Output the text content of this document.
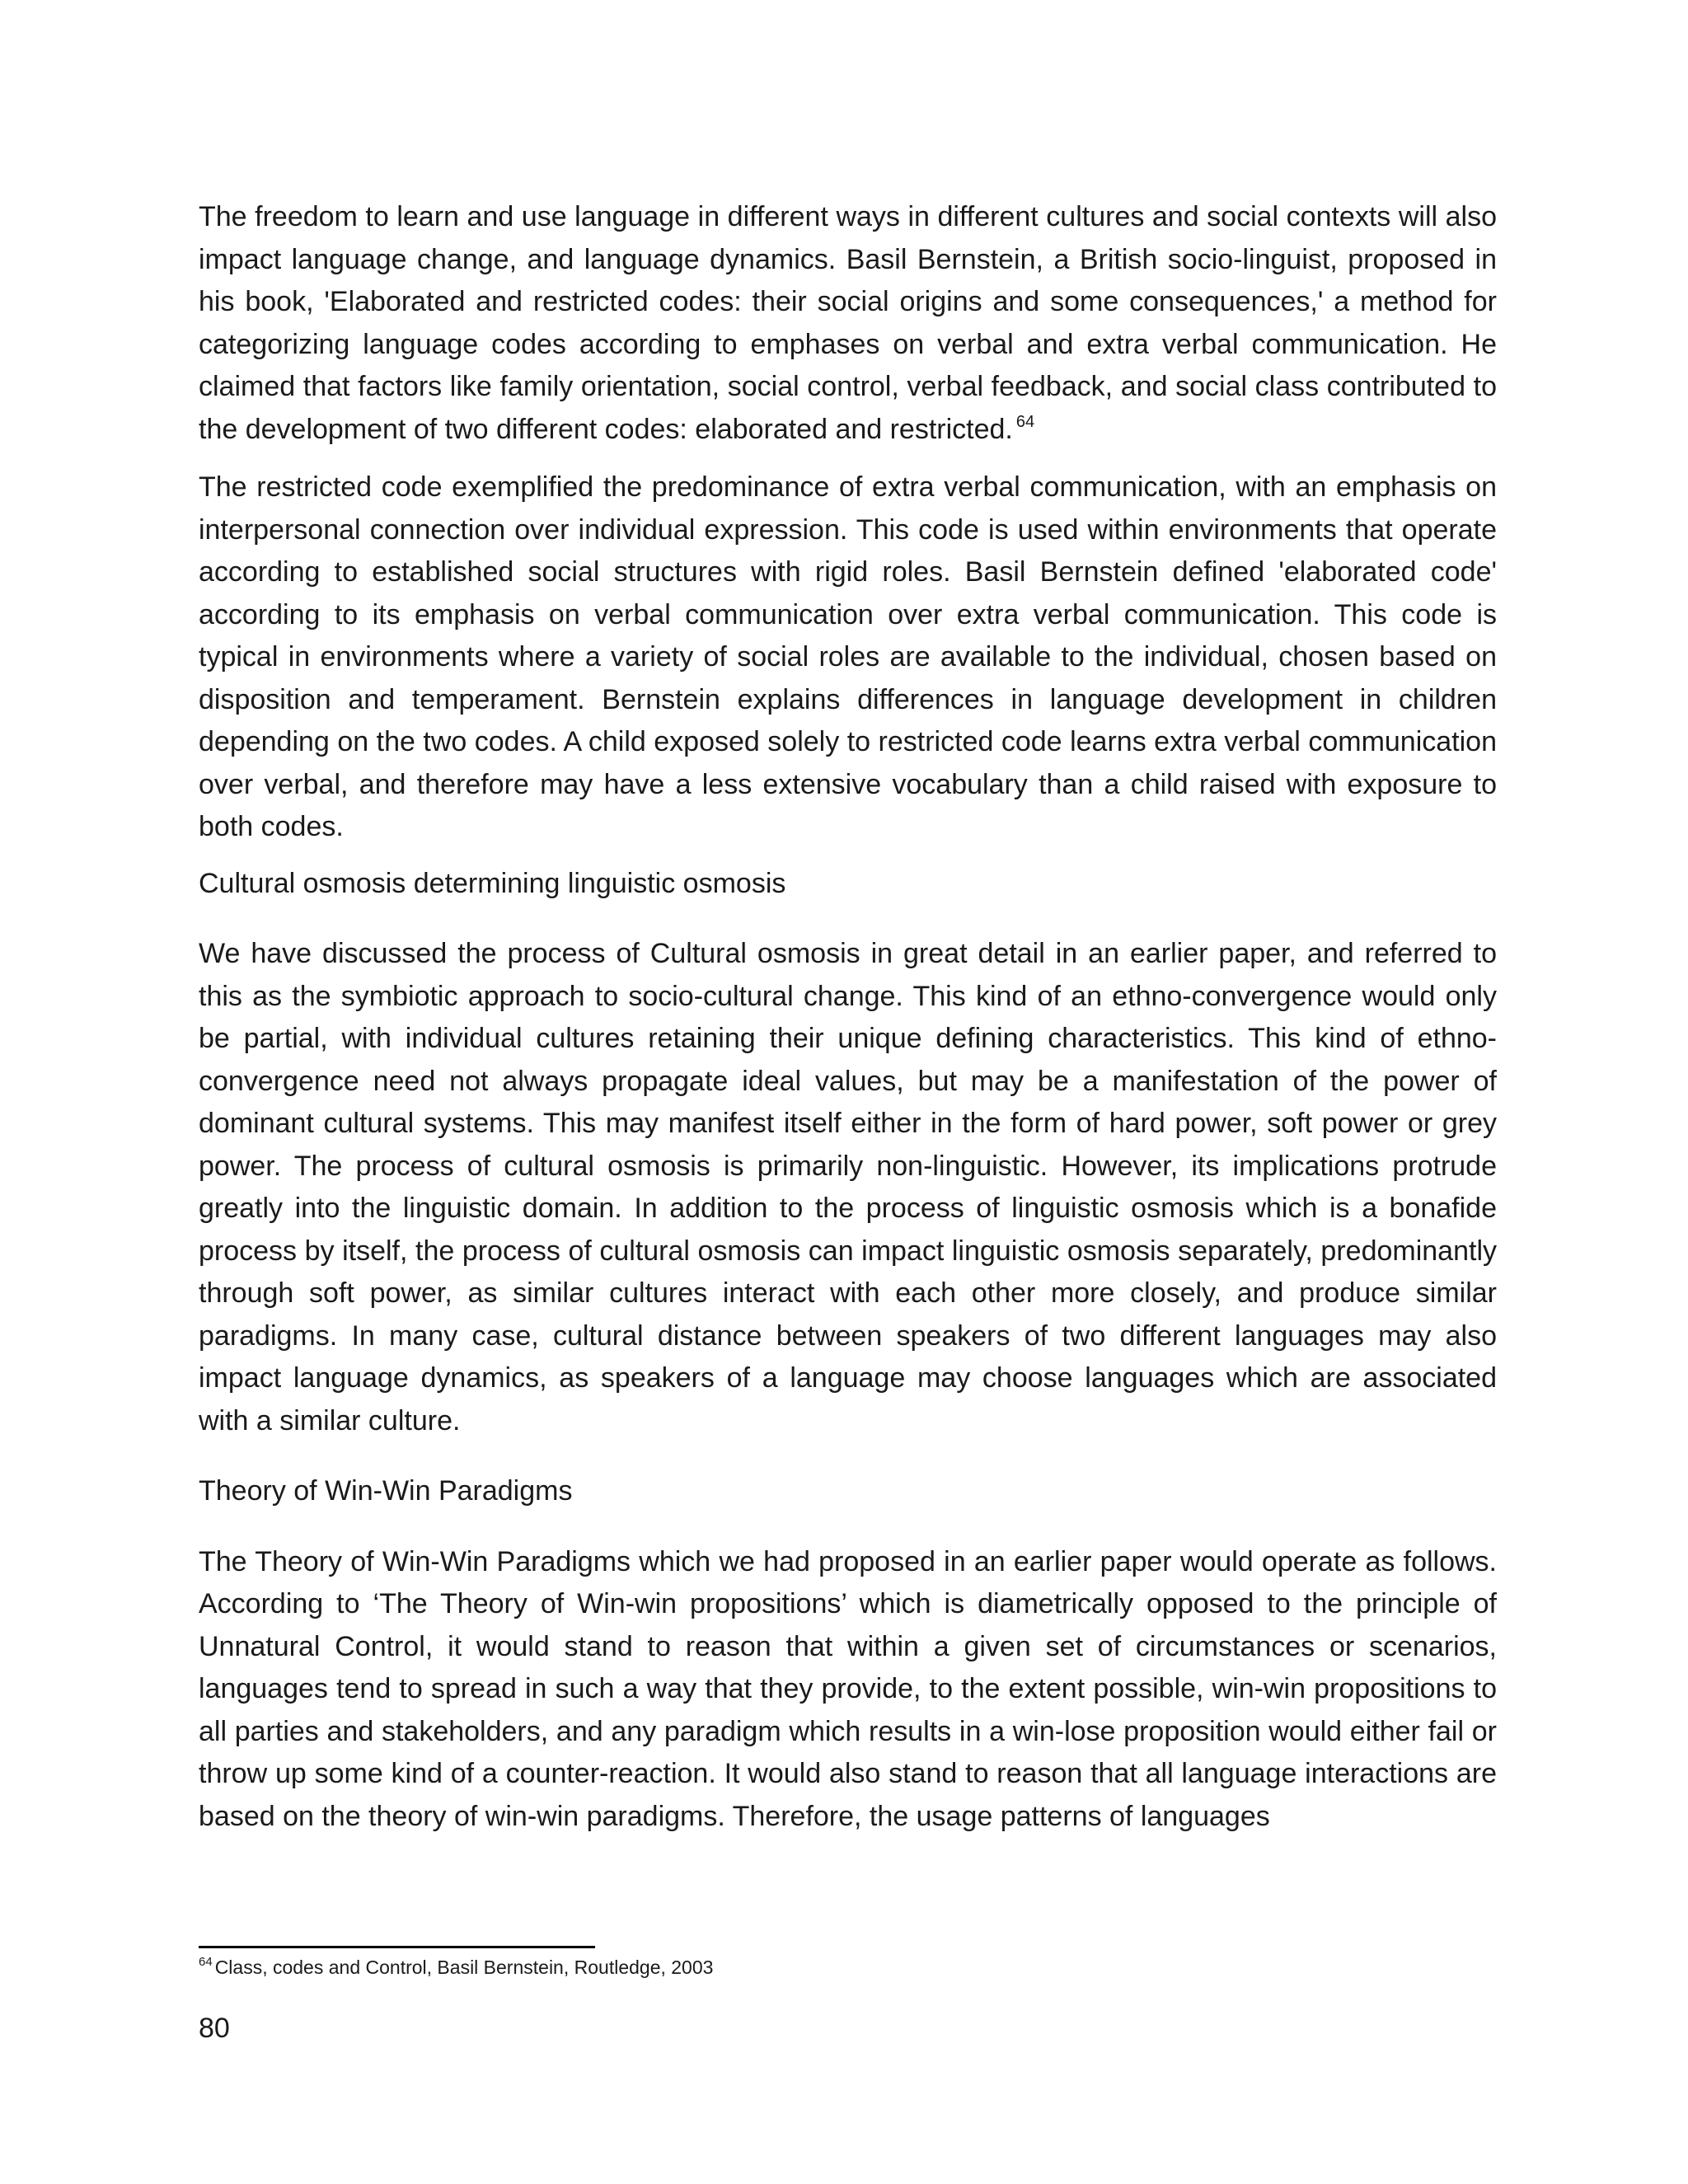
The freedom to learn and use language in different ways in different cultures and social contexts will also impact language change, and language dynamics. Basil Bernstein, a British socio-linguist, proposed in his book, 'Elaborated and restricted codes: their social origins and some consequences,' a method for categorizing language codes according to emphases on verbal and extra verbal communication. He claimed that factors like family orientation, social control, verbal feedback, and social class contributed to the development of two different codes: elaborated and restricted. $^{64}$

The restricted code exemplified the predominance of extra verbal communication, with an emphasis on interpersonal connection over individual expression. This code is used within environments that operate according to established social structures with rigid roles. Basil Bernstein defined 'elaborated code' according to its emphasis on verbal communication over extra verbal communication. This code is typical in environments where a variety of social roles are available to the individual, chosen based on disposition and temperament. Bernstein explains differences in language development in children depending on the two codes. A child exposed solely to restricted code learns extra verbal communication over verbal, and therefore may have a less extensive vocabulary than a child raised with exposure to both codes.

Cultural osmosis determining linguistic osmosis

We have discussed the process of Cultural osmosis in great detail in an earlier paper, and referred to this as the symbiotic approach to socio-cultural change. This kind of an ethno-convergence would only be partial, with individual cultures retaining their unique defining characteristics. This kind of ethno-convergence need not always propagate ideal values, but may be a manifestation of the power of dominant cultural systems. This may manifest itself either in the form of hard power, soft power or grey power. The process of cultural osmosis is primarily non-linguistic. However, its implications protrude greatly into the linguistic domain. In addition to the process of linguistic osmosis which is a bonafide process by itself, the process of cultural osmosis can impact linguistic osmosis separately, predominantly through soft power, as similar cultures interact with each other more closely, and produce similar paradigms. In many case, cultural distance between speakers of two different languages may also impact language dynamics, as speakers of a language may choose languages which are associated with a similar culture.

Theory of Win-Win Paradigms

The Theory of Win-Win Paradigms which we had proposed in an earlier paper would operate as follows. According to ‘The Theory of Win-win propositions’ which is diametrically opposed to the principle of Unnatural Control, it would stand to reason that within a given set of circumstances or scenarios, languages tend to spread in such a way that they provide, to the extent possible, win-win propositions to all parties and stakeholders, and any paradigm which results in a win-lose proposition would either fail or throw up some kind of a counter-reaction. It would also stand to reason that all language interactions are based on the theory of win-win paradigms. Therefore, the usage patterns of languages

$^{64}$ Class, codes and Control, Basil Bernstein, Routledge, 2003
80
